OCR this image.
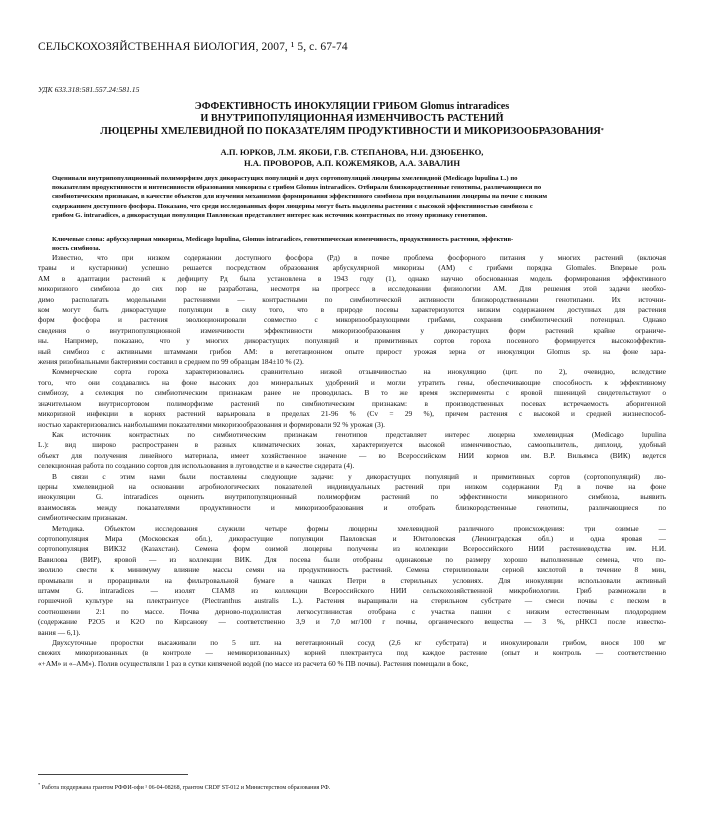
СЕЛЬСКОХОЗЯЙСТВЕННАЯ БИОЛОГИЯ, 2007, ¹ 5, с. 67-74
УДК 633.318:581.557.24:581.15
ЭФФЕКТИВНОСТЬ ИНОКУЛЯЦИИ ГРИБОМ Glomus intraradices
И ВНУТРИПОПУЛЯЦИОННАЯ ИЗМЕНЧИВОСТЬ РАСТЕНИЙ
ЛЮЦЕРНЫ ХМЕЛЕВИДНОЙ ПО ПОКАЗАТЕЛЯМ ПРОДУКТИВНОСТИ И МИКОРИЗООБРАЗОВАНИЯ*
А.П. ЮРКОВ, Л.М. ЯКОБИ, Г.В. СТЕПАНОВА, Н.И. ДЗЮБЕНКО,
Н.А. ПРОВОРОВ, А.П. КОЖЕМЯКОВ, А.А. ЗАВАЛИН
Оценивали внутрипопуляционный полиморфизм двух дикорастущих популяций и двух сортопопуляций люцерны хмелевидной (Medicago lupulina L.) по
показателям продуктивности и интенсивности образования микоризы с грибом Glomus intraradices. Отбирали близкородственные генотипы, различающиеся по
симбиотическим признакам, в качестве объектов для изучения механизмов формирования эффективного симбиоза при возделывании люцерны на почве с низким
содержанием доступного фосфора. Показано, что среди исследованных форм люцерны могут быть выделены растения с высокой эффективностью симбиоза с
грибом G. intraradices, а дикорастущая популяция Павловская представляет интерес как источник контрастных по этому признаку генотипов.
Ключевые слова: арбускулярная микориза, Medicago lupulina, Glomus intraradices, генотипическая изменчивость, продуктивность растения, эффектив-
ность симбиоза.
Известно, что при низком содержании доступного фосфора (Pд) в почве проблема фосфорного питания у многих растений (включая
травы и кустарники) успешно решается посредством образования арбускулярной микоризы (АМ) с грибами порядка Glomales. Впервые роль
АМ в адаптации растений к дефициту Pд была установлена в 1943 году (1), однако научно обоснованная модель формирования эффективного
микоризного симбиоза до сих пор не разработана, несмотря на прогресс в исследовании физиологии АМ. Для решения этой задачи необхо-
димо располагать модельными растениями — контрастными по симбиотической активности близкородственными генотипами. Их источни-
ком могут быть дикорастущие популяции в силу того, что в природе посевы характеризуются низким содержанием доступных для растения
форм фосфора и растения эволюционировали совместно с микоризообразующими грибами, сохранив симбиотический потенциал. Однако
сведения о внутрипопуляционной изменчивости эффективности микоризообразования у дикорастущих форм растений крайне ограниче-
ны. Например, показано, что у многих дикорастущих популяций и примитивных сортов гороха посевного формируется высокоэффектив-
ный симбиоз с активными штаммами грибов АМ: в вегетационном опыте прирост урожая зерна от инокуляции Glomus sp. на фоне зара-
жения ризобиальными бактериями составил в среднем по 99 образцам 184±10 % (2).
Коммерческие сорта гороха характеризовались сравнительно низкой отзывчивостью на инокуляцию (цит. по 2), очевидно, вследствие
того, что они создавались на фоне высоких доз минеральных удобрений и могли утратить гены, обеспечивающие способность к эффективному
симбиозу, а селекция по симбиотическим признакам ранее не проводилась. В то же время эксперименты с яровой пшеницей свидетельствуют о
значительном внутрисортовом полиморфизме растений по симбиотическим признакам: в производственных посевах встречаемость аборигенной
микоризной инфекции в корнях растений варьировала в пределах 21-96 % (Cv = 29 %), причем растения с высокой и средней жизнеспособ-
ностью характеризовались наибольшими показателями микоризообразования и формировали 92 % урожая (3).
Как источник контрастных по симбиотическим признакам генотипов представляет интерес люцерна хмелевидная (Medicago lupulina
L.): вид широко распространен в разных климатических зонах, характеризуется высокой изменчивостью, самоопылитель, диплоид, удобный
объект для получения линейного материала, имеет хозяйственное значение — во Всероссийском НИИ кормов им. В.Р. Вильямса (ВИК) ведется
селекционная работа по созданию сортов для использования в луговодстве и в качестве сидерата (4).
В связи с этим нами были поставлены следующие задачи: у дикорастущих популяций и примитивных сортов (сортопопуляций) лю-
церны хмелевидной на основании агробиологических показателей индивидуальных растений при низком содержании Pд в почве на фоне
инокуляции G. intraradices оценить внутрипопуляционный полиморфизм растений по эффективности микоризного симбиоза, выявить
взаимосвязь между показателями продуктивности и микоризообразования и отобрать близкородственные генотипы, различающиеся по
симбиотическим признакам.
Методика. Объектом исследования служили четыре формы люцерны хмелевидной различного происхождения: три озимые —
сортопопуляция Мира (Московская обл.), дикорастущие популяции Павловская и Юнтоловская (Ленинградская обл.) и одна яровая —
сортопопуляция ВИК32 (Казахстан). Семена форм озимой люцерны получены из коллекции Всероссийского НИИ растениеводства им. Н.И.
Вавилова (ВИР), яровой — из коллекции ВИК. Для посева были отобраны одинаковые по размеру хорошо выполненные семена, что по-
зволило свести к минимуму влияние массы семян на продуктивность растений. Семена стерилизовали серной кислотой в течение 8 мин,
промывали и проращивали на фильтровальной бумаге в чашках Петри в стерильных условиях. Для инокуляции использовали активный
штамм G. intraradices — изолят CIAM8 из коллекции Всероссийского НИИ сельскохозяйственной микробиологии. Гриб размножали в
горшечной культуре на плектрантусе (Plectranthus australis L.). Растения выращивали на стерильном субстрате — смеси почвы с песком в
соотношении 2:1 по массе. Почва дерново-подзолистая легкосуглинистая отобрана с участка пашни с низким естественным плодородием
(содержание P2O5 и K2O по Кирсанову — соответственно 3,9 и 7,0 мг/100 г почвы, органического вещества — 3 %, pHKCl после известко-
вания — 6,1).
Двухсуточные проростки высаживали по 5 шт. на вегетационный сосуд (2,6 кг субстрата) и инокулировали грибом, внося 100 мг
свежих микоризованных (в контроле — немикоризованных) корней плектрантуса под каждое растение (опыт и контроль — соответственно
«+АМ» и «–АМ»). Полив осуществляли 1 раз в сутки кипяченой водой (по массе из расчета 60 % ПВ почвы). Растения помещали в бокс,
* Работа поддержана грантом РФФИ-офи ¹ 06-04-08268, грантом CRDF ST-012 и Министерством образования РФ.
